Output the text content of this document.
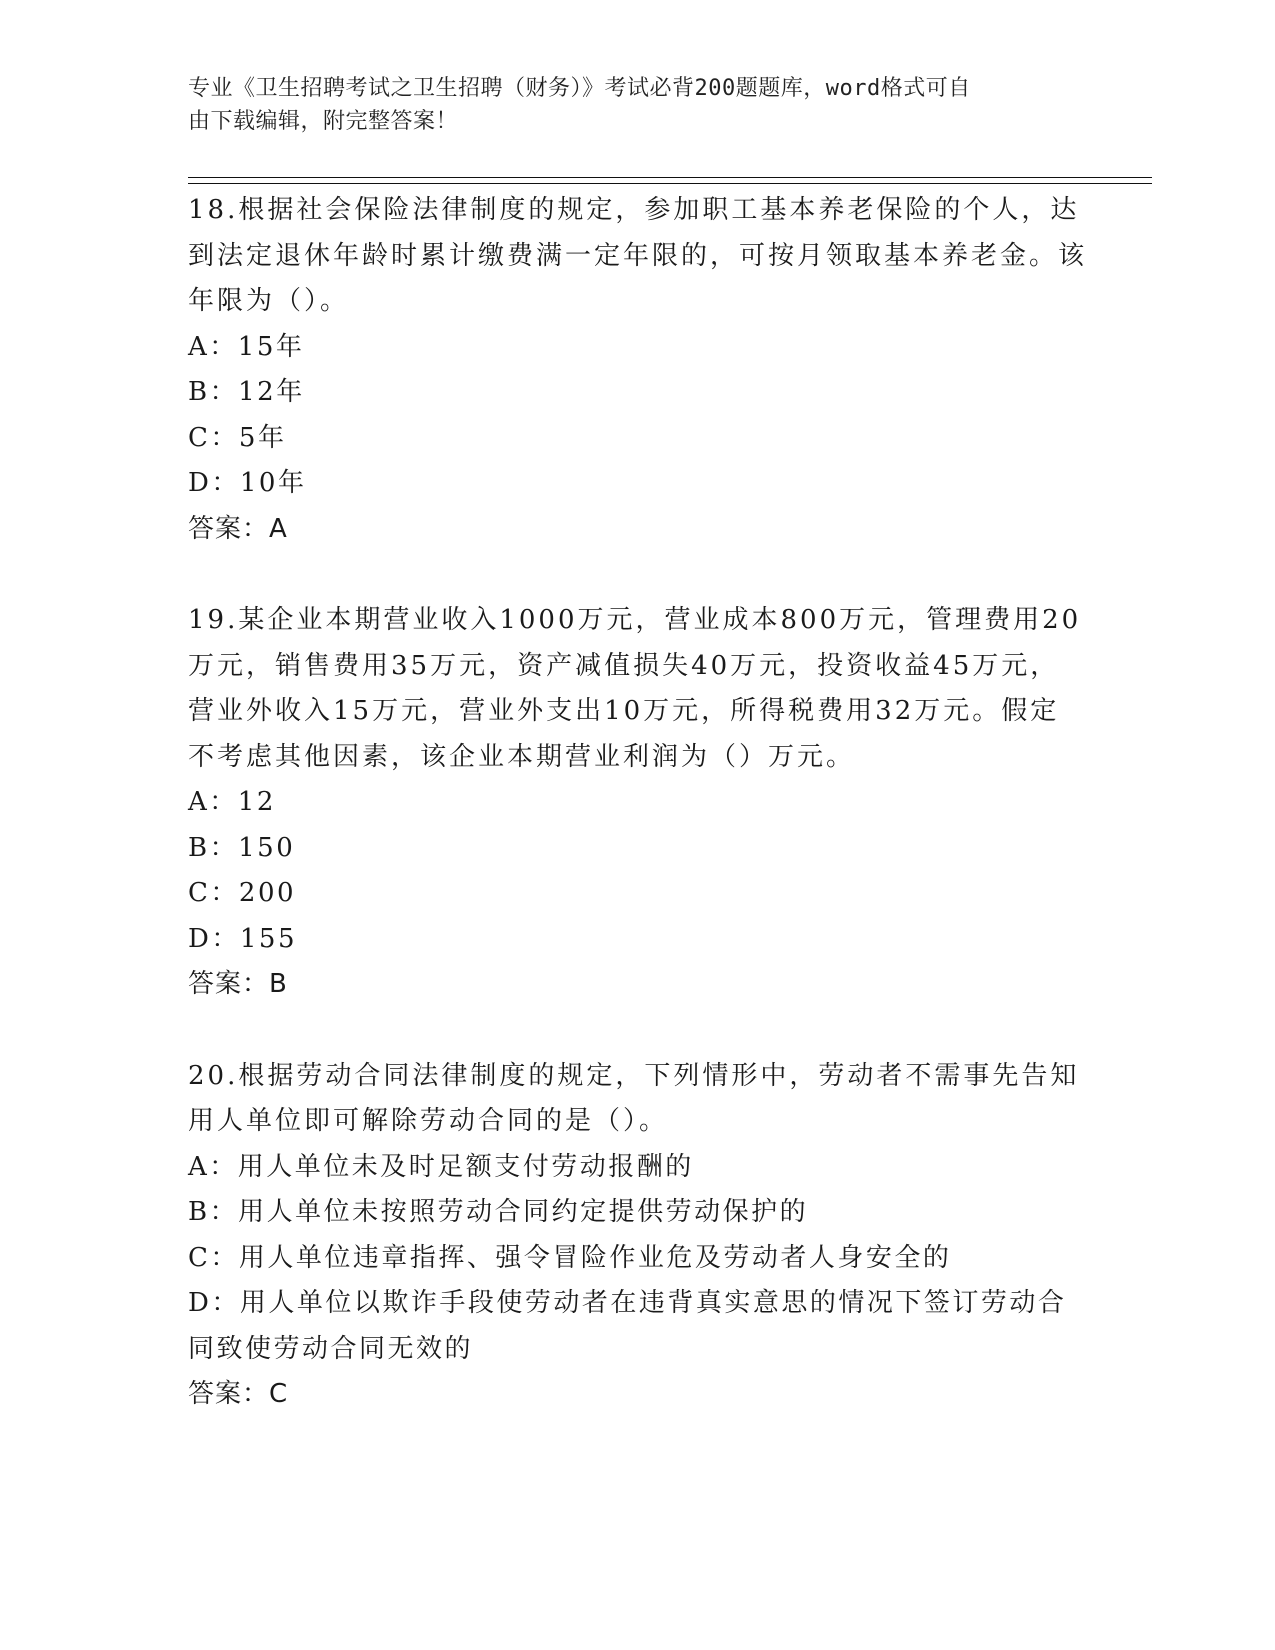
专业《卫生招聘考试之卫生招聘（财务）》考试必背200题题库，word格式可自
由下载编辑，附完整答案！
18.根据社会保险法律制度的规定，参加职工基本养老保险的个人，达到法定退休年龄时累计缴费满一定年限的，可按月领取基本养老金。该年限为（）。
A：15年
B：12年
C：5年
D：10年
答案：A
19.某企业本期营业收入1000万元，营业成本800万元，管理费用20万元，销售费用35万元，资产减值损失40万元，投资收益45万元，营业外收入15万元，营业外支出10万元，所得税费用32万元。假定不考虑其他因素，该企业本期营业利润为（）万元。
A：12
B：150
C：200
D：155
答案：B
20.根据劳动合同法律制度的规定，下列情形中，劳动者不需事先告知用人单位即可解除劳动合同的是（）。
A：用人单位未及时足额支付劳动报酬的
B：用人单位未按照劳动合同约定提供劳动保护的
C：用人单位违章指挥、强令冒险作业危及劳动者人身安全的
D：用人单位以欺诈手段使劳动者在违背真实意思的情况下签订劳动合同致使劳动合同无效的
答案：C
